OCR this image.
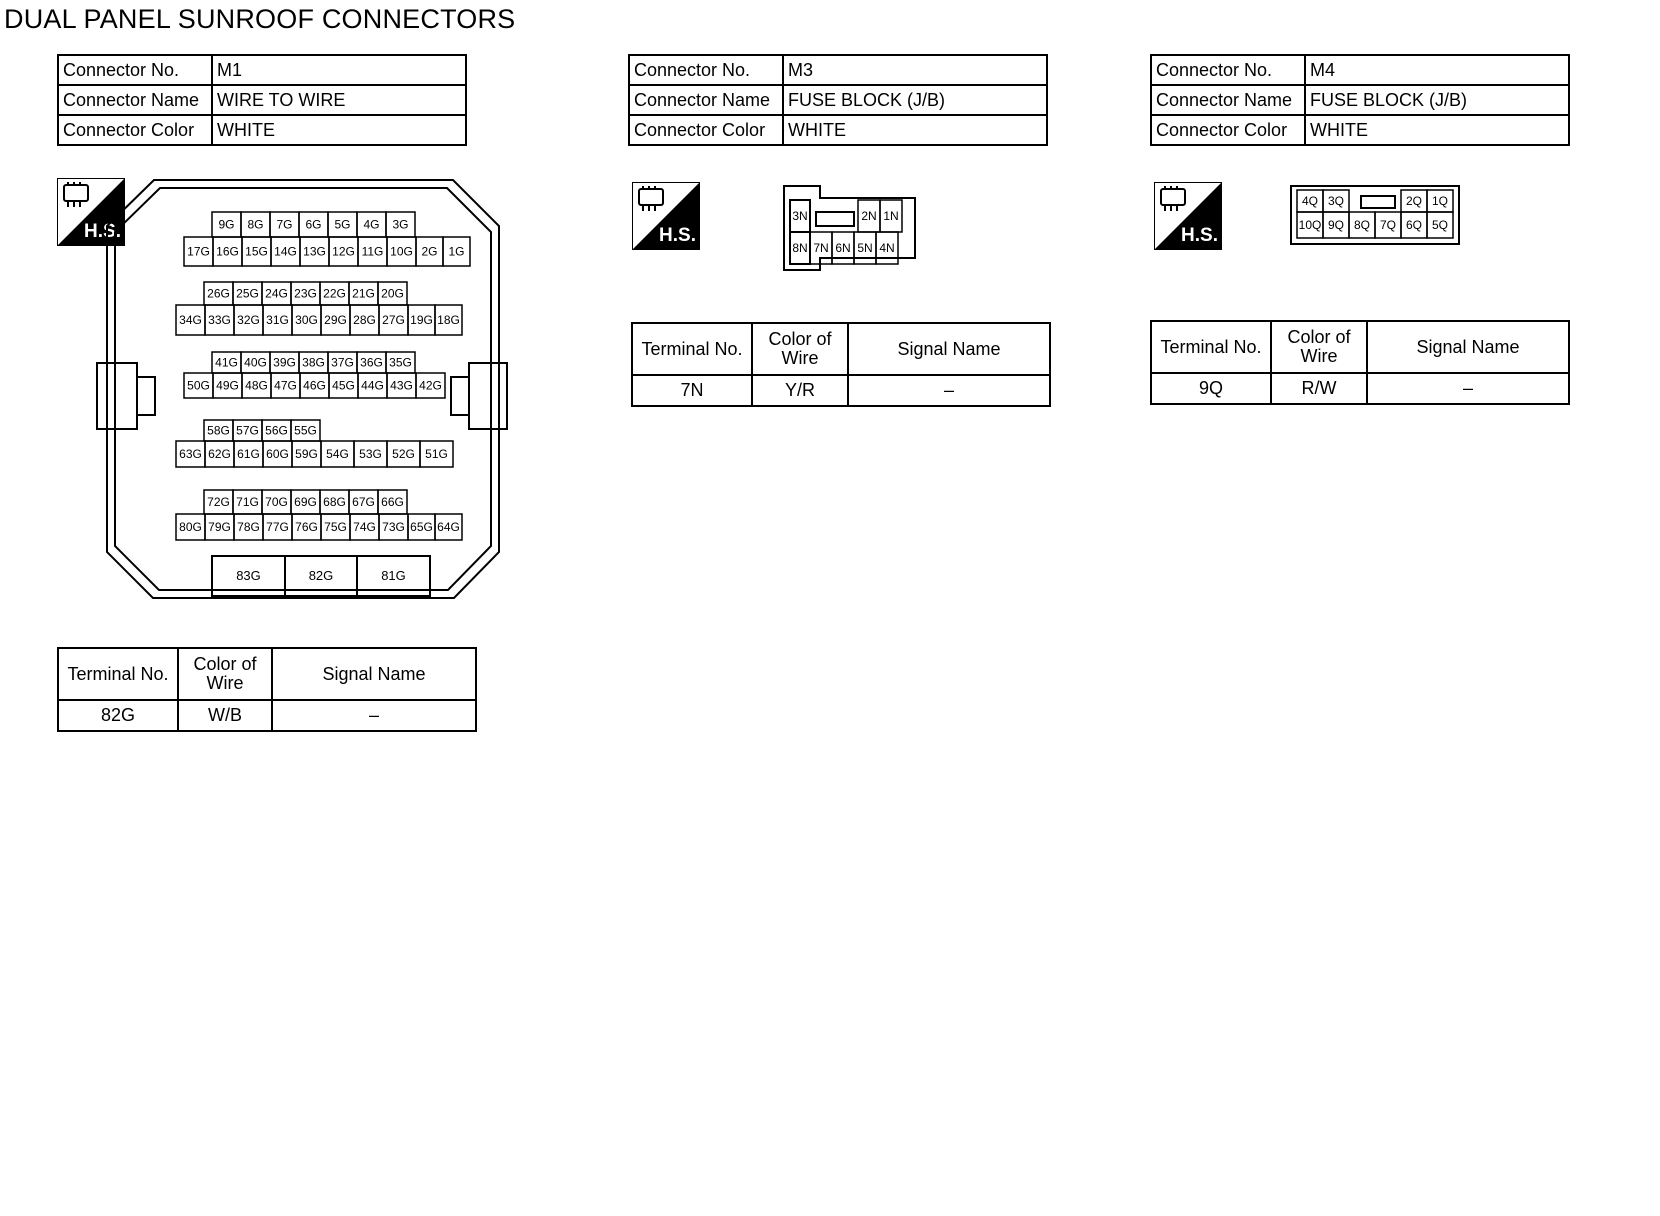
DUAL PANEL SUNROOF CONNECTORS
Connector No.	M1
Connector Name	WIRE TO WIRE
Connector Color	WHITE
H.S.	9G 8G 7G 6G 5G 4G 3G
17G 16G 15G 14G 13G 12G 11G 10G 2G 1G
26G 25G 24G 23G 22G 21G 20G
34G 33G 32G 31G 30G 29G 28G 27G 19G 18G
41G 40G 39G 38G 37G 36G 35G
50G 49G 48G 47G 46G 45G 44G 43G 42G
58G 57G 56G 55G
63G 62G 61G 60G 59G 54G 53G 52G 51G
72G 71G 70G 69G 68G 67G 66G
80G 79G 78G 77G 76G 75G 74G 73G 65G 64G
83G	82G	81G
Terminal No.	Color of Wire	Signal Name
82G	W/B	–
Connector No.	M3
Connector Name	FUSE BLOCK (J/B)
Connector Color	WHITE
H.S.
3N	2N 1N
8N 7N 6N 5N 4N
Terminal No.	Color of Wire	Signal Name
7N	Y/R	–
Connector No.	M4
Connector Name	FUSE BLOCK (J/B)
Connector Color	WHITE
H.S.
4Q 3Q	2Q 1Q
10Q 9Q 8Q 7Q 6Q 5Q
Terminal No.	Color of Wire	Signal Name
9Q	R/W	–
